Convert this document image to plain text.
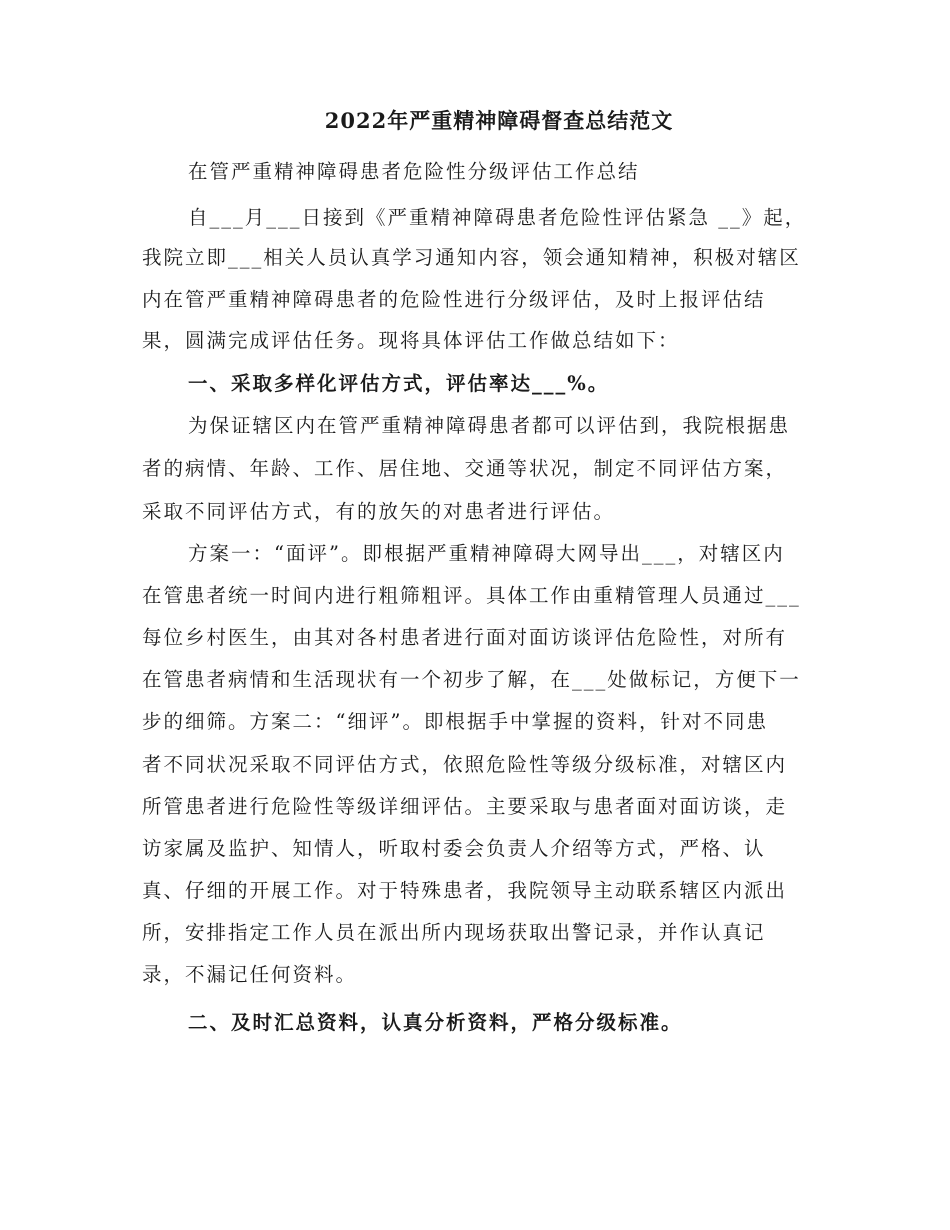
2022年严重精神障碍督查总结范文
在管严重精神障碍患者危险性分级评估工作总结
自___月___日接到《严重精神障碍患者危险性评估紧急 __》起，
我院立即___相关人员认真学习通知内容，领会通知精神，积极对辖区
内在管严重精神障碍患者的危险性进行分级评估，及时上报评估结
果，圆满完成评估任务。现将具体评估工作做总结如下：
一、采取多样化评估方式，评估率达___%。
为保证辖区内在管严重精神障碍患者都可以评估到，我院根据患
者的病情、年龄、工作、居住地、交通等状况，制定不同评估方案，
采取不同评估方式，有的放矢的对患者进行评估。
方案一：“面评”。即根据严重精神障碍大网导出___，对辖区内
在管患者统一时间内进行粗筛粗评。具体工作由重精管理人员通过___
每位乡村医生，由其对各村患者进行面对面访谈评估危险性，对所有
在管患者病情和生活现状有一个初步了解，在___处做标记，方便下一
步的细筛。方案二：“细评”。即根据手中掌握的资料，针对不同患
者不同状况采取不同评估方式，依照危险性等级分级标准，对辖区内
所管患者进行危险性等级详细评估。主要采取与患者面对面访谈，走
访家属及监护、知情人，听取村委会负责人介绍等方式，严格、认
真、仔细的开展工作。对于特殊患者，我院领导主动联系辖区内派出
所，安排指定工作人员在派出所内现场获取出警记录，并作认真记
录，不漏记任何资料。
二、及时汇总资料，认真分析资料，严格分级标准。
